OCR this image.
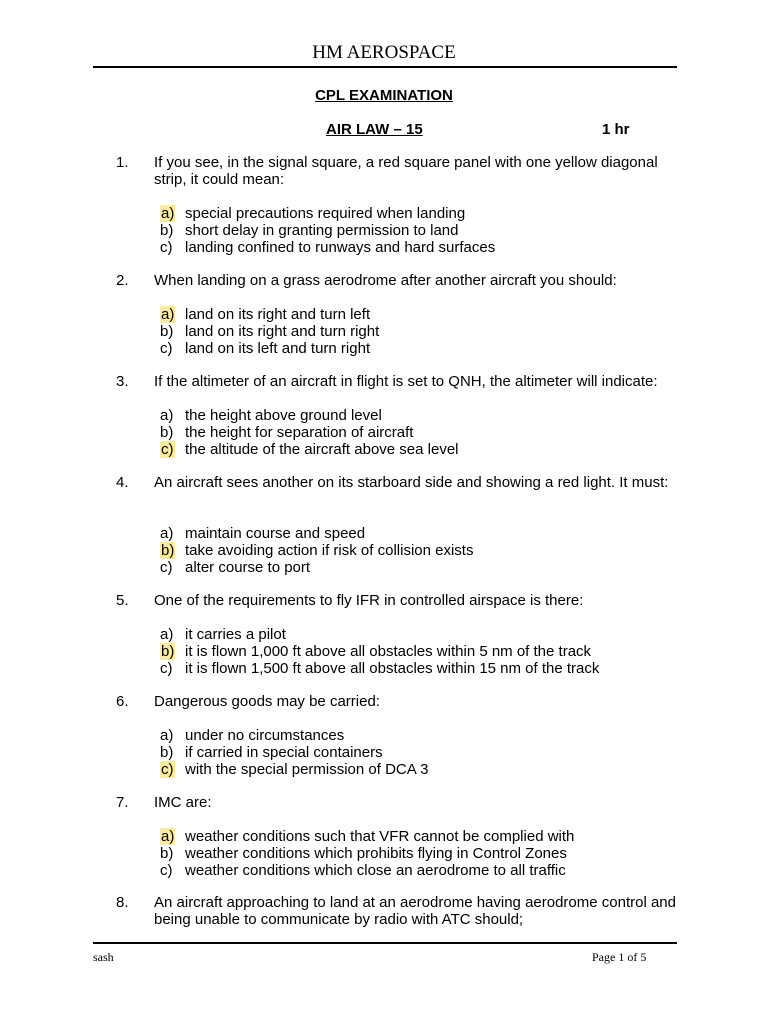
HM AEROSPACE
CPL EXAMINATION
AIR LAW – 15	1 hr
1. If you see, in the signal square, a red square panel with one yellow diagonal strip, it could mean:
a) special precautions required when landing
b) short delay in granting permission to land
c) landing confined to runways and hard surfaces
2. When landing on a grass aerodrome after another aircraft you should:
a) land on its right and turn left
b) land on its right and turn right
c) land on its left and turn right
3. If the altimeter of an aircraft in flight is set to QNH, the altimeter will indicate:
a) the height above ground level
b) the height for separation of aircraft
c) the altitude of the aircraft above sea level
4. An aircraft sees another on its starboard side and showing a red light. It must:
a) maintain course and speed
b) take avoiding action if risk of collision exists
c) alter course to port
5. One of the requirements to fly IFR in controlled airspace is there:
a) it carries a pilot
b) it is flown 1,000 ft above all obstacles within 5 nm of the track
c) it is flown 1,500 ft above all obstacles within 15 nm of the track
6. Dangerous goods may be carried:
a) under no circumstances
b) if carried in special containers
c) with the special permission of DCA 3
7. IMC are:
a) weather conditions such that VFR cannot be complied with
b) weather conditions which prohibits flying in Control Zones
c) weather conditions which close an aerodrome to all traffic
8. An aircraft approaching to land at an aerodrome having aerodrome control and being unable to communicate by radio with ATC should;
sash	Page 1 of 5
